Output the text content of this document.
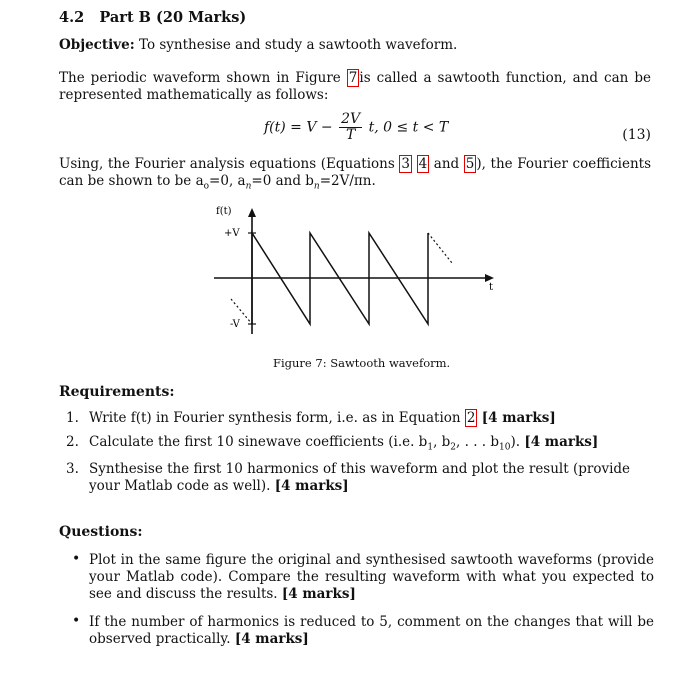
4.2 Part B (20 Marks)
Objective: To synthesise and study a sawtooth waveform.
The periodic waveform shown in Figure 7 is called a sawtooth function, and can be represented mathematically as follows:
$f(t) = V - \frac{2V}{T} t$, 0 ≤ t < T	(13)
Using, the Fourier analysis equations (Equations 3 4 and 5 ), the Fourier coefficients can be shown to be $a_o=0$, $a_n=0$ and $b_n=2V/\pi n$.
f(t)
+V
-V
t
Figure 7: Sawtooth waveform.
Requirements:
1. Write f(t) in Fourier synthesis form, i.e. as in Equation 2 [4 marks]
2. Calculate the first 10 sinewave coefficients (i.e. $b_1$, $b_2$, . . . $b_{10}$). [4 marks]
3. Synthesise the first 10 harmonics of this waveform and plot the result (provide your Matlab code as well). [4 marks]
Questions:
• Plot in the same figure the original and synthesised sawtooth waveforms (provide your Matlab code). Compare the resulting waveform with what you expected to see and discuss the results. [4 marks]
• If the number of harmonics is reduced to 5, comment on the changes that will be observed practically. [4 marks]
